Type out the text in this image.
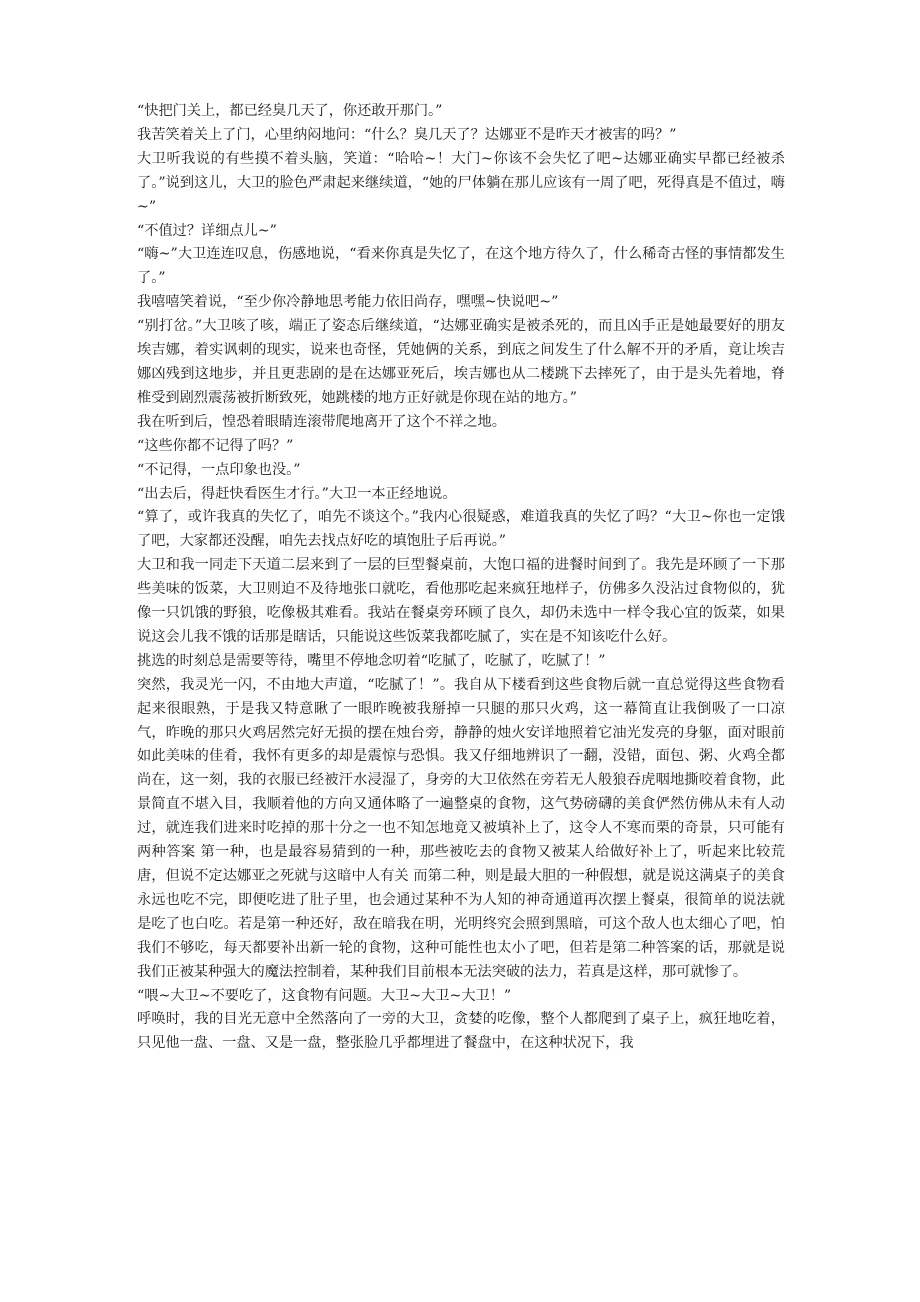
“快把门关上，都已经臭几天了，你还敢开那门。”

我苦笑着关上了门，心里纳闷地问：“什么？臭几天了？达娜亚不是昨天才被害的吗？”

大卫听我说的有些摸不着头脑，笑道：“哈哈~！大门~你该不会失忆了吧~达娜亚确实早都已经被杀了。”说到这儿，大卫的脸色严肃起来继续道，“她的尸体躺在那儿应该有一周了吧，死得真是不值过，嗨~”

“不值过？详细点儿~”

“嗨~”大卫连连叹息，伤感地说，“看来你真是失忆了，在这个地方待久了，什么稀奇古怪的事情都发生了。”

我嘻嘻笑着说，“至少你冷静地思考能力依旧尚存，嘿嘿~快说吧~”

“别打岔。”大卫咳了咳，端正了姿态后继续道，“达娜亚确实是被杀死的，而且凶手正是她最要好的朋友埃吉娜，着实讽刺的现实，说来也奇怪，凭她俩的关系，到底之间发生了什么解不开的矛盾，竟让埃吉娜凶残到这地步，并且更悲剧的是在达娜亚死后，埃吉娜也从二楼跳下去摔死了，由于是头先着地，脊椎受到剧烈震荡被折断致死，她跳楼的地方正好就是你现在站的地方。”

我在听到后，惶恐着眼睛连滚带爬地离开了这个不祥之地。

“这些你都不记得了吗？”

“不记得，一点印象也没。”

“出去后，得赶快看医生才行。”大卫一本正经地说。

“算了，或许我真的失忆了，咱先不谈这个。”我内心很疑惑，难道我真的失忆了吗？“大卫~你也一定饿了吧，大家都还没醒，咱先去找点好吃的填饱肚子后再说。”

大卫和我一同走下天道二层来到了一层的巨型餐桌前，大饱口福的进餐时间到了。我先是环顾了一下那些美味的饭菜，大卫则迫不及待地张口就吃，看他那吃起来疯狂地样子，仿佛多久没沾过食物似的，犹像一只饥饿的野狼，吃像极其难看。我站在餐桌旁环顾了良久，却仍未选中一样令我心宜的饭菜，如果说这会儿我不饿的话那是瞎话，只能说这些饭菜我都吃腻了，实在是不知该吃什么好。

挑选的时刻总是需要等待，嘴里不停地念叨着“吃腻了，吃腻了，吃腻了！”

突然，我灵光一闪，不由地大声道，“吃腻了！”。我自从下楼看到这些食物后就一直总觉得这些食物看起来很眼熟，于是我又特意瞅了一眼昨晚被我掰掉一只腿的那只火鸡，这一幕简直让我倒吸了一口凉气，昨晚的那只火鸡居然完好无损的摆在烛台旁，静静的烛火安详地照着它油光发亮的身躯，面对眼前如此美味的佳肴，我怀有更多的却是震惊与恐惧。我又仔细地辨识了一翻，没错，面包、粥、火鸡全都尚在，这一刻，我的衣服已经被汗水浸湿了，身旁的大卫依然在旁若无人般狼吞虎咽地撕咬着食物，此景简直不堪入目，我顺着他的方向又通体略了一遍整桌的食物，这气势磅礴的美食俨然仿佛从未有人动过，就连我们进来时吃掉的那十分之一也不知怎地竟又被填补上了，这令人不寒而栗的奇景，只可能有两种答案 第一种，也是最容易猜到的一种，那些被吃去的食物又被某人给做好补上了，听起来比较荒唐，但说不定达娜亚之死就与这暗中人有关 而第二种，则是最大胆的一种假想，就是说这满桌子的美食永远也吃不完，即便吃进了肚子里，也会通过某种不为人知的神奇通道再次摆上餐桌，很简单的说法就是吃了也白吃。若是第一种还好，敌在暗我在明，光明终究会照到黑暗，可这个敌人也太细心了吧，怕我们不够吃，每天都要补出新一轮的食物，这种可能性也太小了吧，但若是第二种答案的话，那就是说我们正被某种强大的魔法控制着，某种我们目前根本无法突破的法力，若真是这样，那可就惨了。

“喂~大卫~不要吃了，这食物有问题。大卫~大卫~大卫！”

呼唤时，我的目光无意中全然落向了一旁的大卫，贪婪的吃像，整个人都爬到了桌子上，疯狂地吃着，只见他一盘、一盘、又是一盘，整张脸几乎都埋进了餐盘中，在这种状况下，我
